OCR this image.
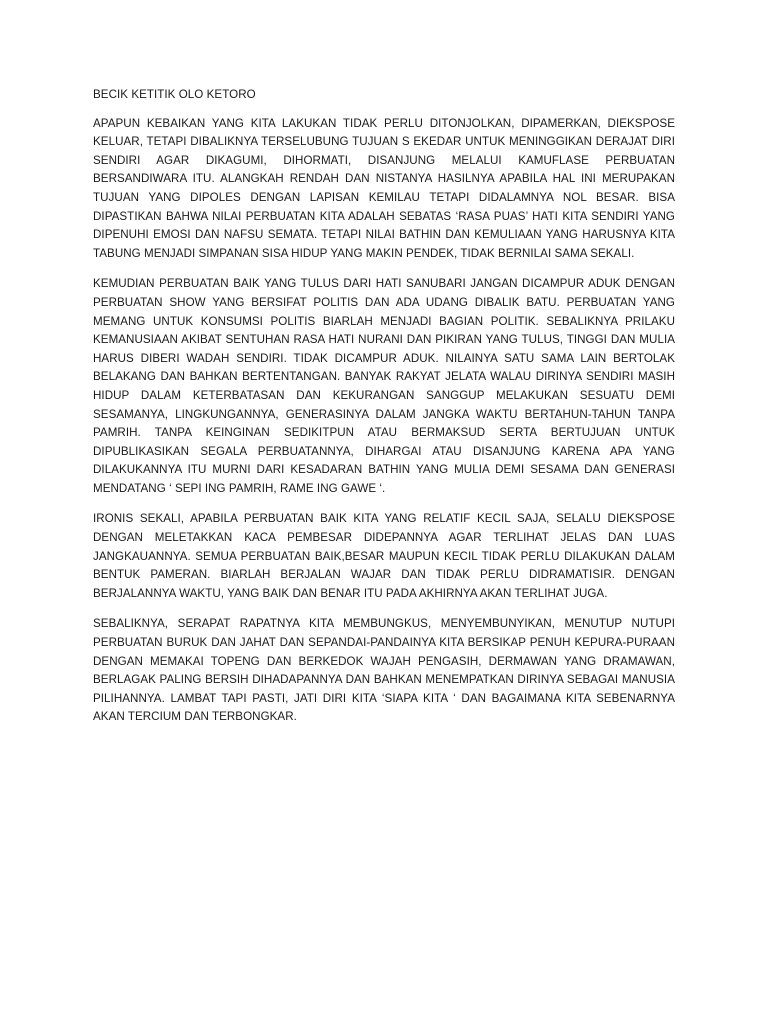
BECIK KETITIK OLO KETORO

APAPUN KEBAIKAN YANG KITA LAKUKAN TIDAK PERLU DITONJOLKAN, DIPAMERKAN, DIEKSPOSE KELUAR, TETAPI DIBALIKNYA TERSELUBUNG TUJUAN S EKEDAR UNTUK MENINGGIKAN DERAJAT DIRI SENDIRI AGAR DIKAGUMI, DIHORMATI, DISANJUNG MELALUI KAMUFLASE PERBUATAN BERSANDIWARA ITU. ALANGKAH RENDAH DAN NISTANYA HASILNYA APABILA HAL INI MERUPAKAN TUJUAN YANG DIPOLES DENGAN LAPISAN KEMILAU TETAPI DIDALAMNYA NOL BESAR. BISA DIPASTIKAN BAHWA NILAI PERBUATAN KITA ADALAH SEBATAS ‘RASA PUAS’ HATI KITA SENDIRI YANG DIPENUHI EMOSI DAN NAFSU SEMATA. TETAPI NILAI BATHIN DAN KEMULIAAN YANG HARUSNYA KITA TABUNG MENJADI SIMPANAN SISA HIDUP YANG MAKIN PENDEK, TIDAK BERNILAI SAMA SEKALI.

KEMUDIAN PERBUATAN BAIK YANG TULUS DARI HATI SANUBARI JANGAN DICAMPUR ADUK DENGAN PERBUATAN SHOW YANG BERSIFAT POLITIS DAN ADA UDANG DIBALIK BATU. PERBUATAN YANG MEMANG UNTUK KONSUMSI POLITIS BIARLAH MENJADI BAGIAN POLITIK. SEBALIKNYA PRILAKU KEMANUSIAAN AKIBAT SENTUHAN RASA HATI NURANI DAN PIKIRAN YANG TULUS, TINGGI DAN MULIA HARUS DIBERI WADAH SENDIRI. TIDAK DICAMPUR ADUK. NILAINYA SATU SAMA LAIN BERTOLAK BELAKANG DAN BAHKAN BERTENTANGAN. BANYAK RAKYAT JELATA WALAU DIRINYA SENDIRI MASIH HIDUP DALAM KETERBATASAN DAN KEKURANGAN SANGGUP MELAKUKAN SESUATU DEMI SESAMANYA, LINGKUNGANNYA, GENERASINYA DALAM JANGKA WAKTU BERTAHUN-TAHUN TANPA PAMRIH. TANPA KEINGINAN SEDIKITPUN ATAU BERMAKSUD SERTA BERTUJUAN UNTUK DIPUBLIKASIKAN SEGALA PERBUATANNYA, DIHARGAI ATAU DISANJUNG KARENA APA YANG DILAKUKANNYA ITU MURNI DARI KESADARAN BATHIN YANG MULIA DEMI SESAMA DAN GENERASI MENDATANG ‘ SEPI ING PAMRIH, RAME ING GAWE ‘.

IRONIS SEKALI, APABILA PERBUATAN BAIK KITA YANG RELATIF KECIL SAJA, SELALU DIEKSPOSE DENGAN MELETAKKAN KACA PEMBESAR DIDEPANNYA AGAR TERLIHAT JELAS DAN LUAS JANGKAUANNYA. SEMUA PERBUATAN BAIK,BESAR MAUPUN KECIL TIDAK PERLU DILAKUKAN DALAM BENTUK PAMERAN. BIARLAH BERJALAN WAJAR DAN TIDAK PERLU DIDRAMATISIR. DENGAN BERJALANNYA WAKTU, YANG BAIK DAN BENAR ITU PADA AKHIRNYA AKAN TERLIHAT JUGA.

SEBALIKNYA, SERAPAT RAPATNYA KITA MEMBUNGKUS, MENYEMBUNYIKAN, MENUTUP NUTUPI PERBUATAN BURUK DAN JAHAT DAN SEPANDAI-PANDAINYA KITA BERSIKAP PENUH KEPURA-PURAAN DENGAN MEMAKAI TOPENG DAN BERKEDOK WAJAH PENGASIH, DERMAWAN YANG DRAMAWAN, BERLAGAK PALING BERSIH DIHADAPANNYA DAN BAHKAN MENEMPATKAN DIRINYA SEBAGAI MANUSIA PILIHANNYA. LAMBAT TAPI PASTI, JATI DIRI KITA ‘SIAPA KITA ‘ DAN BAGAIMANA KITA SEBENARNYA AKAN TERCIUM DAN TERBONGKAR.
